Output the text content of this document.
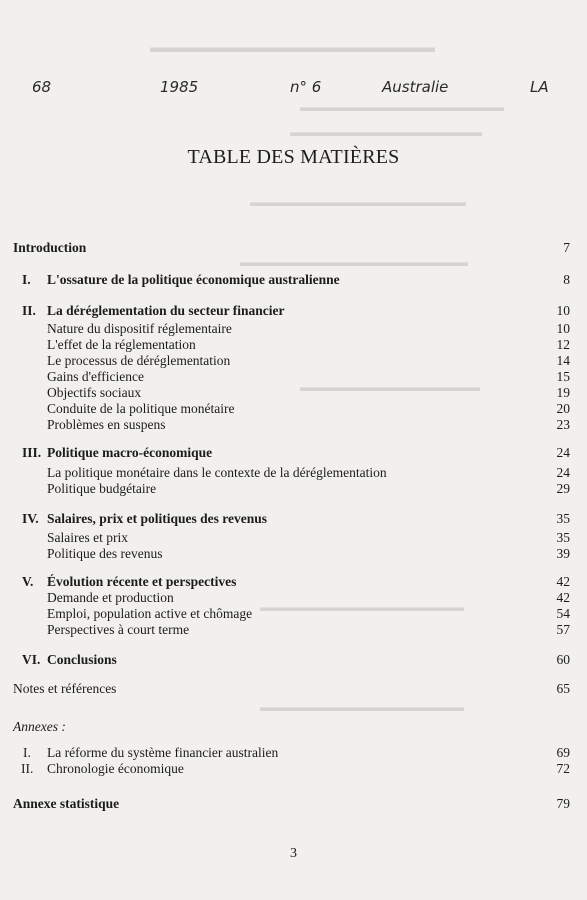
▬▬▬▬▬▬▬▬▬▬▬▬▬▬▬▬▬▬▬
▬▬▬▬▬▬▬▬▬▬▬▬▬▬▬▬▬
▬▬▬▬▬▬▬▬▬▬▬▬▬▬▬▬
▬▬▬▬▬▬▬▬▬▬▬▬▬▬▬▬▬▬
▬▬▬▬▬▬▬▬▬▬▬▬▬▬▬▬▬▬▬
▬▬▬▬▬▬▬▬▬▬▬▬▬▬▬
▬▬▬▬▬▬▬▬▬▬▬▬▬▬▬▬▬
▬▬▬▬▬▬▬▬▬▬▬▬▬▬▬▬▬
68	1985	n° 6	Australie	LA
TABLE DES MATIÈRES
Introduction	7
I. L'ossature de la politique économique australienne	8
II. La déréglementation du secteur financier	10
Nature du dispositif réglementaire	10
L'effet de la réglementation	12
Le processus de déréglementation	14
Gains d'efficience	15
Objectifs sociaux	19
Conduite de la politique monétaire	20
Problèmes en suspens	23
III. Politique macro-économique	24
La politique monétaire dans le contexte de la déréglementation	24
Politique budgétaire	29
IV. Salaires, prix et politiques des revenus	35
Salaires et prix	35
Politique des revenus	39
V. Évolution récente et perspectives	42
Demande et production	42
Emploi, population active et chômage	54
Perspectives à court terme	57
VI. Conclusions	60
Notes et références	65
Annexes :
I. La réforme du système financier australien	69
II. Chronologie économique	72
Annexe statistique	79
3
